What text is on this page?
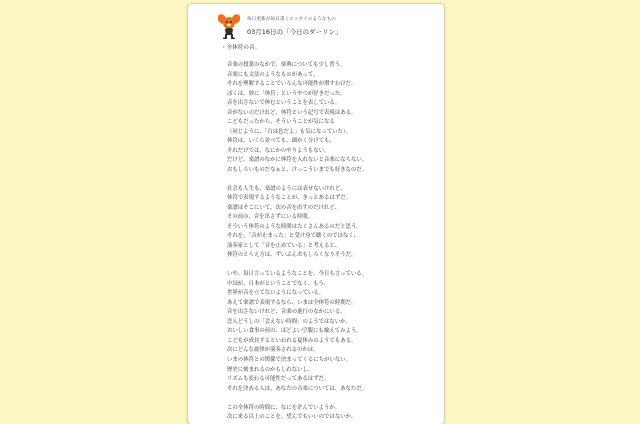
毎日更新が毎日書くエッセイのようなもの
03月16日の「今日のダーリン」
・全休符の音。
音楽の授業のなかで、楽典についても少し習う。
音楽にも文法のようなものがあって、
それを理解することでいろんな可能性が増すわけだ。
ぼくは、妙に「休符」というやつが好きだった。
音を出さないで休むということを表している。
音がないのだけれど、休符という記号で表現はある。
こどもだったから、そういうことが気になる
（同じように、「白は色だよ」も気になっていた）。
休符は、いくら並べても、細かく分けても、
それだけでは、なにかのやりようもない。
だけど、楽譜のなかに休符を入れないと音楽にならない。
おもしろいものだなぁと、けっこういまでも好きなのだ。
社会も人生も、楽譜のようには表せないけれど、
休符で表現するようなことが、きっとあるはずだ。
楽譜はそこにいて、次の音を出すのだけれど、
その前の、音を出さずにいる時間。
そういう休符のような時間はたくさんあるのだと思う。
それを、「音が止まった」と受け身で聴くのではなく、
演奏家として「音を止めている」と考えると、
休符のとらえ方は、ずいぶんおもしろくなりそうだ。
いや、毎日言っているようなことを、今日も言っている。
中国が、日本がということでなく、もう、
世界が音を立てないようになっている。
あえて楽譜で表現するなら、いまは全休符の時期だ。
音を出さないけれど、音楽の進行のなかにいる。
恋人どうしの「会えない時間」のようではないか。
おいしい食事の前の、ほどよい空腹にも喩えてみよう。
こどもが成長するといわれる夏休みのようでもある。
次にどんな旋律が演奏されるのかは、
いまの休符との関係で決まってくるにちがいない。
歴史に刻まれるのかもしれないし、
リズムも変わる可能性だってあるはずだ。
それを決める人は、あなたの音楽については、あなただ。
この全休符の時間に、なにを企んでいようか。
次に来る以上のことを、望んでもいいのではないか。
